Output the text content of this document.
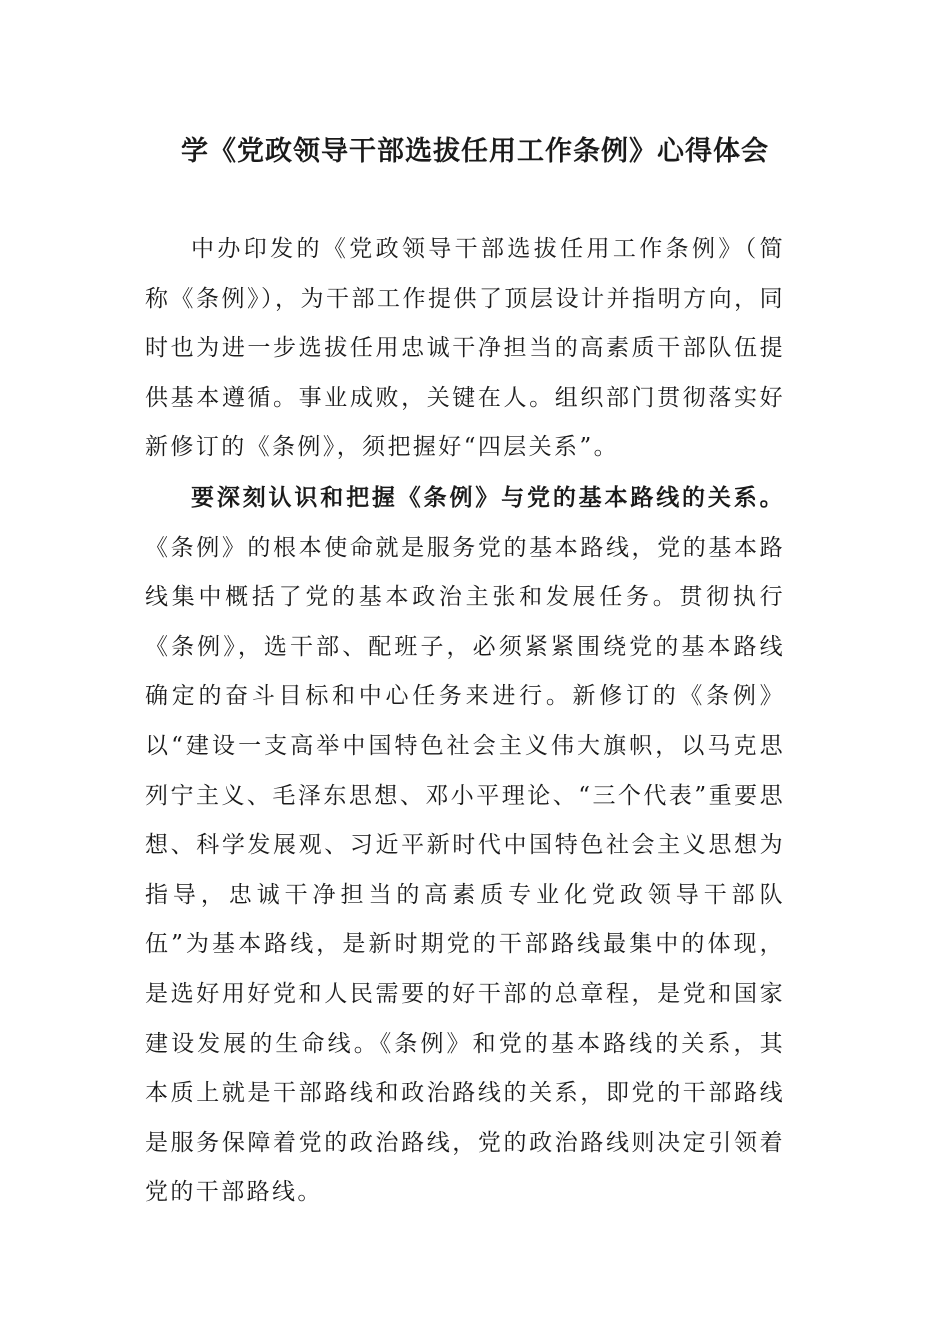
学《党政领导干部选拔任用工作条例》心得体会

中办印发的《党政领导干部选拔任用工作条例》（简称《条例》），为干部工作提供了顶层设计并指明方向，同时也为进一步选拔任用忠诚干净担当的高素质干部队伍提供基本遵循。事业成败，关键在人。组织部门贯彻落实好新修订的《条例》，须把握好“四层关系”。

要深刻认识和把握《条例》与党的基本路线的关系。《条例》的根本使命就是服务党的基本路线，党的基本路线集中概括了党的基本政治主张和发展任务。贯彻执行《条例》，选干部、配班子，必须紧紧围绕党的基本路线确定的奋斗目标和中心任务来进行。新修订的《条例》以“建设一支高举中国特色社会主义伟大旗帜，以马克思列宁主义、毛泽东思想、邓小平理论、“三个代表”重要思想、科学发展观、习近平新时代中国特色社会主义思想为指导，忠诚干净担当的高素质专业化党政领导干部队伍”为基本路线，是新时期党的干部路线最集中的体现，是选好用好党和人民需要的好干部的总章程，是党和国家建设发展的生命线。《条例》和党的基本路线的关系，其本质上就是干部路线和政治路线的关系，即党的干部路线是服务保障着党的政治路线，党的政治路线则决定引领着党的干部路线。
